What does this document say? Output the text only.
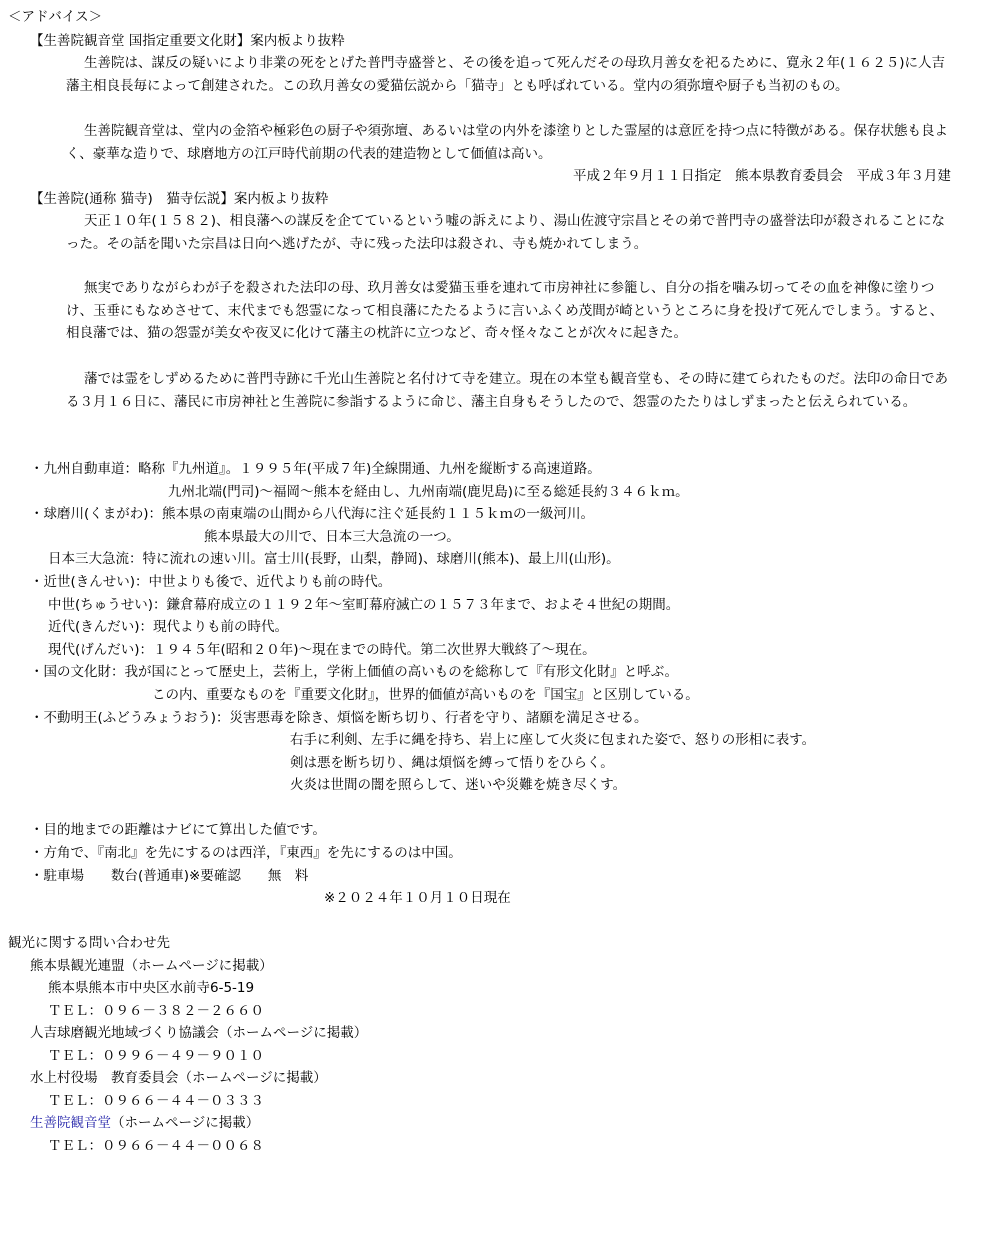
＜アドバイス＞
【生善院観音堂 国指定重要文化財】案内板より抜粋
生善院は、謀反の疑いにより非業の死をとげた普門寺盛誉と、その後を追って死んだその母玖月善女を祀るために、寛永２年(１６２５)に人吉藩主相良長毎によって創建された。この玖月善女の愛猫伝説から「猫寺」とも呼ばれている。堂内の須弥壇や厨子も当初のもの。
生善院観音堂は、堂内の金箔や極彩色の厨子や須弥壇、あるいは堂の内外を漆塗りとした霊屋的は意匠を持つ点に特徴がある。保存状態も良よく、豪華な造りで、球磨地方の江戸時代前期の代表的建造物として価値は高い。
平成２年９月１１日指定　熊本県教育委員会　平成３年３月建
【生善院(通称 猫寺)　猫寺伝説】案内板より抜粋
天正１０年(１５８２)、相良藩への謀反を企てているという嘘の訴えにより、湯山佐渡守宗昌とその弟で普門寺の盛誉法印が殺されることになった。その話を聞いた宗昌は日向へ逃げたが、寺に残った法印は殺され、寺も焼かれてしまう。
無実でありながらわが子を殺された法印の母、玖月善女は愛猫玉垂を連れて市房神社に参籠し、自分の指を噛み切ってその血を神像に塗りつけ、玉垂にもなめさせて、末代までも怨霊になって相良藩にたたるように言いふくめ茂間が崎というところに身を投げて死んでしまう。すると、相良藩では、猫の怨霊が美女や夜叉に化けて藩主の枕許に立つなど、奇々怪々なことが次々に起きた。
藩では霊をしずめるために普門寺跡に千光山生善院と名付けて寺を建立。現在の本堂も観音堂も、その時に建てられたものだ。法印の命日である３月１６日に、藩民に市房神社と生善院に参詣するように命じ、藩主自身もそうしたので、怨霊のたたりはしずまったと伝えられている。
・九州自動車道：略称『九州道』。１９９５年(平成７年)全線開通、九州を縦断する高速道路。
九州北端(門司)～福岡～熊本を経由し、九州南端(鹿児島)に至る総延長約３４６ｋｍ。
・球磨川(くまがわ)：熊本県の南東端の山間から八代海に注ぐ延長約１１５ｋｍの一級河川。
熊本県最大の川で、日本三大急流の一つ。
日本三大急流：特に流れの速い川。富士川(長野，山梨，静岡)、球磨川(熊本)、最上川(山形)。
・近世(きんせい)：中世よりも後で、近代よりも前の時代。
中世(ちゅうせい)：鎌倉幕府成立の１１９２年～室町幕府滅亡の１５７３年まで、およそ４世紀の期間。
近代(きんだい)：現代よりも前の時代。
現代(げんだい)：１９４５年(昭和２０年)～現在までの時代。第二次世界大戦終了～現在。
・国の文化財：我が国にとって歴史上，芸術上，学術上価値の高いものを総称して『有形文化財』と呼ぶ。
この内、重要なものを『重要文化財』，世界的価値が高いものを『国宝』と区別している。
・不動明王(ふどうみょうおう)：災害悪毒を除き、煩悩を断ち切り、行者を守り、諸願を満足させる。
右手に利剣、左手に縄を持ち、岩上に座して火炎に包まれた姿で、怒りの形相に表す。
剣は悪を断ち切り、縄は煩悩を縛って悟りをひらく。
火炎は世間の闇を照らして、迷いや災難を焼き尽くす。
・目的地までの距離はナビにて算出した値です。
・方角で、『南北』を先にするのは西洋，『東西』を先にするのは中国。
・駐車場　　数台(普通車)※要確認　　無　料
※２０２４年１０月１０日現在
観光に関する問い合わせ先
熊本県観光連盟（ホームページに掲載）
熊本県熊本市中央区水前寺6-5-19
ＴＥＬ：０９６－３８２－２６６０
人吉球磨観光地域づくり協議会（ホームページに掲載）
ＴＥＬ：０９９６－４９－９０１０
水上村役場　教育委員会（ホームページに掲載）
ＴＥＬ：０９６６－４４－０３３３
生善院観音堂（ホームページに掲載）
ＴＥＬ：０９６６－４４－００６８
